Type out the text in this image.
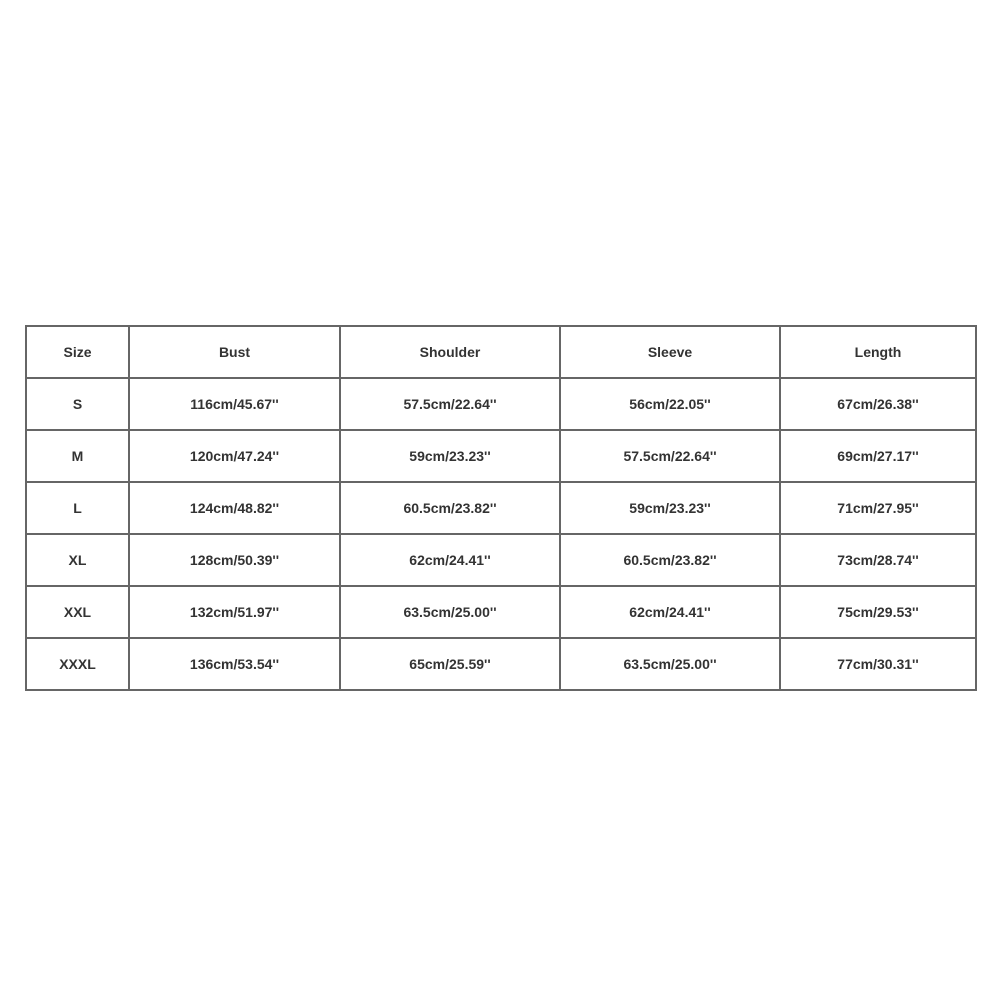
Size	Bust	Shoulder	Sleeve	Length
S	116cm/45.67''	57.5cm/22.64''	56cm/22.05''	67cm/26.38''
M	120cm/47.24''	59cm/23.23''	57.5cm/22.64''	69cm/27.17''
L	124cm/48.82''	60.5cm/23.82''	59cm/23.23''	71cm/27.95''
XL	128cm/50.39''	62cm/24.41''	60.5cm/23.82''	73cm/28.74''
XXL	132cm/51.97''	63.5cm/25.00''	62cm/24.41''	75cm/29.53''
XXXL	136cm/53.54''	65cm/25.59''	63.5cm/25.00''	77cm/30.31''
